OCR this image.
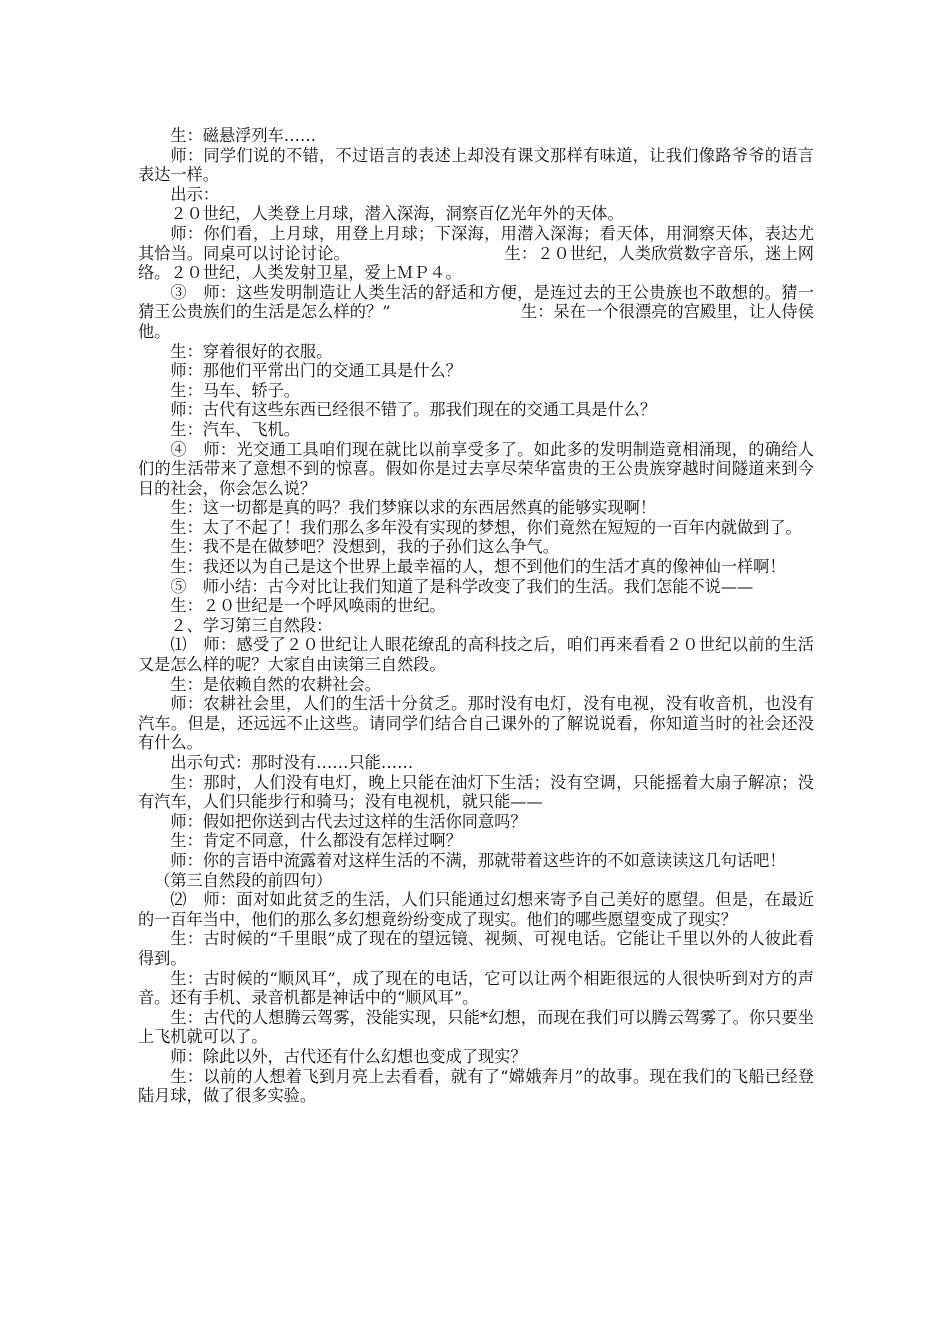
生：磁悬浮列车……

师：同学们说的不错，不过语言的表述上却没有课文那样有味道，让我们像路爷爷的语言表达一样。

出示：

２０世纪，人类登上月球，潜入深海，洞察百亿光年外的天体。

师：你们看，上月球，用登上月球；下深海，用潜入深海；看天体，用洞察天体，表达尤其恰当。同桌可以讨论讨论。　　　　　　　　　　生：２０世纪，人类欣赏数字音乐，迷上网络。２０世纪，人类发射卫星，爱上ＭＰ４。

③　师：这些发明制造让人类生活的舒适和方便，是连过去的王公贵族也不敢想的。猜一猜王公贵族们的生活是怎么样的？”　　　　　　　　生：呆在一个很漂亮的宫殿里，让人侍侯他。

生：穿着很好的衣服。

师：那他们平常出门的交通工具是什么？

生：马车、轿子。

师：古代有这些东西已经很不错了。那我们现在的交通工具是什么？

生：汽车、飞机。

④　师：光交通工具咱们现在就比以前享受多了。如此多的发明制造竟相涌现，的确给人们的生活带来了意想不到的惊喜。假如你是过去享尽荣华富贵的王公贵族穿越时间隧道来到今日的社会，你会怎么说？

生：这一切都是真的吗？我们梦寐以求的东西居然真的能够实现啊！

生：太了不起了！我们那么多年没有实现的梦想，你们竟然在短短的一百年内就做到了。

生：我不是在做梦吧？没想到，我的子孙们这么争气。

生：我还以为自己是这个世界上最幸福的人，想不到他们的生活才真的像神仙一样啊！

⑤　师小结：古今对比让我们知道了是科学改变了我们的生活。我们怎能不说——

生：２０世纪是一个呼风唤雨的世纪。

２、学习第三自然段：

⑴　师：感受了２０世纪让人眼花缭乱的高科技之后，咱们再来看看２０世纪以前的生活又是怎么样的呢？大家自由读第三自然段。

生：是依赖自然的农耕社会。

师：农耕社会里，人们的生活十分贫乏。那时没有电灯，没有电视，没有收音机，也没有汽车。但是，还远远不止这些。请同学们结合自己课外的了解说说看，你知道当时的社会还没有什么。

出示句式：那时没有……只能……

生：那时，人们没有电灯，晚上只能在油灯下生活；没有空调，只能摇着大扇子解凉；没有汽车，人们只能步行和骑马；没有电视机，就只能——

师：假如把你送到古代去过这样的生活你同意吗？

生：肯定不同意，什么都没有怎样过啊？

师：你的言语中流露着对这样生活的不满，那就带着这些许的不如意读读这几句话吧！

（第三自然段的前四句）

⑵　师：面对如此贫乏的生活，人们只能通过幻想来寄予自己美好的愿望。但是，在最近的一百年当中，他们的那么多幻想竟纷纷变成了现实。他们的哪些愿望变成了现实？

生：古时候的“千里眼”成了现在的望远镜、视频、可视电话。它能让千里以外的人彼此看得到。

生：古时候的“顺风耳”，成了现在的电话，它可以让两个相距很远的人很快听到对方的声音。还有手机、录音机都是神话中的“顺风耳”。

生：古代的人想腾云驾雾，没能实现，只能*幻想，而现在我们可以腾云驾雾了。你只要坐上飞机就可以了。

师：除此以外，古代还有什么幻想也变成了现实？

生：以前的人想着飞到月亮上去看看，就有了“嫦娥奔月”的故事。现在我们的飞船已经登陆月球，做了很多实验。
